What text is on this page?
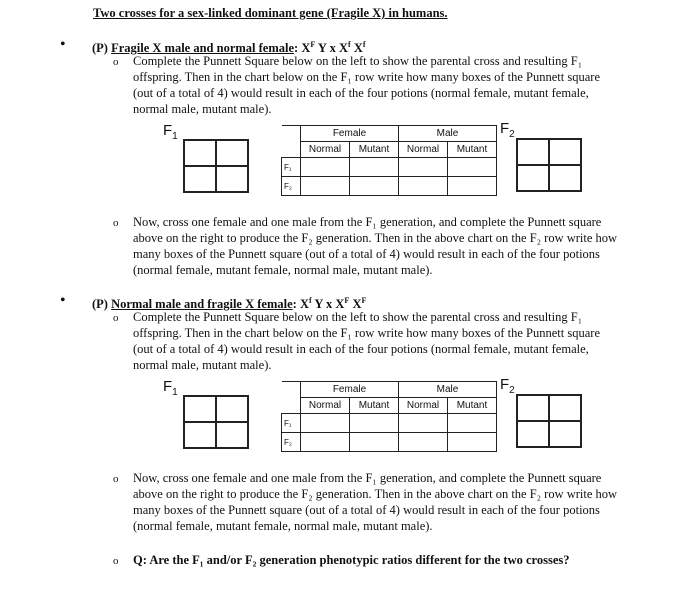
Two crosses for a sex-linked dominant gene (Fragile X) in humans.
• (P) Fragile X male and normal female: $X^F$ Y x $X^f$ $X^f$
o Complete the Punnett Square below on the left to show the parental cross and resulting F₁ offspring. Then in the chart below on the F₁ row write how many boxes of the Punnett square (out of a total of 4) would result in each of the four potions (normal female, mutant female, normal male, mutant male).
$F_1$
		Female		Male	
	Normal	Mutant	Normal	Mutant
F₁				
F₂				
$F_2$
o Now, cross one female and one male from the F₁ generation, and complete the Punnett square above on the right to produce the F₂ generation. Then in the above chart on the F₂ row write how many boxes of the Punnett square (out of a total of 4) would result in each of the four potions (normal female, mutant female, normal male, mutant male).
• (P) Normal male and fragile X female: $X^f$ Y x $X^F$ $X^F$
o Complete the Punnett Square below on the left to show the parental cross and resulting F₁ offspring. Then in the chart below on the F₁ row write how many boxes of the Punnett square (out of a total of 4) would result in each of the four potions (normal female, mutant female, normal male, mutant male).
$F_1$
		Female		Male	
	Normal	Mutant	Normal	Mutant
F₁				
F₂				
$F_2$
o Now, cross one female and one male from the F₁ generation, and complete the Punnett square above on the right to produce the F₂ generation. Then in the above chart on the F₂ row write how many boxes of the Punnett square (out of a total of 4) would result in each of the four potions (normal female, mutant female, normal male, mutant male).
o Q: Are the F₁ and/or F₂ generation phenotypic ratios different for the two crosses?
